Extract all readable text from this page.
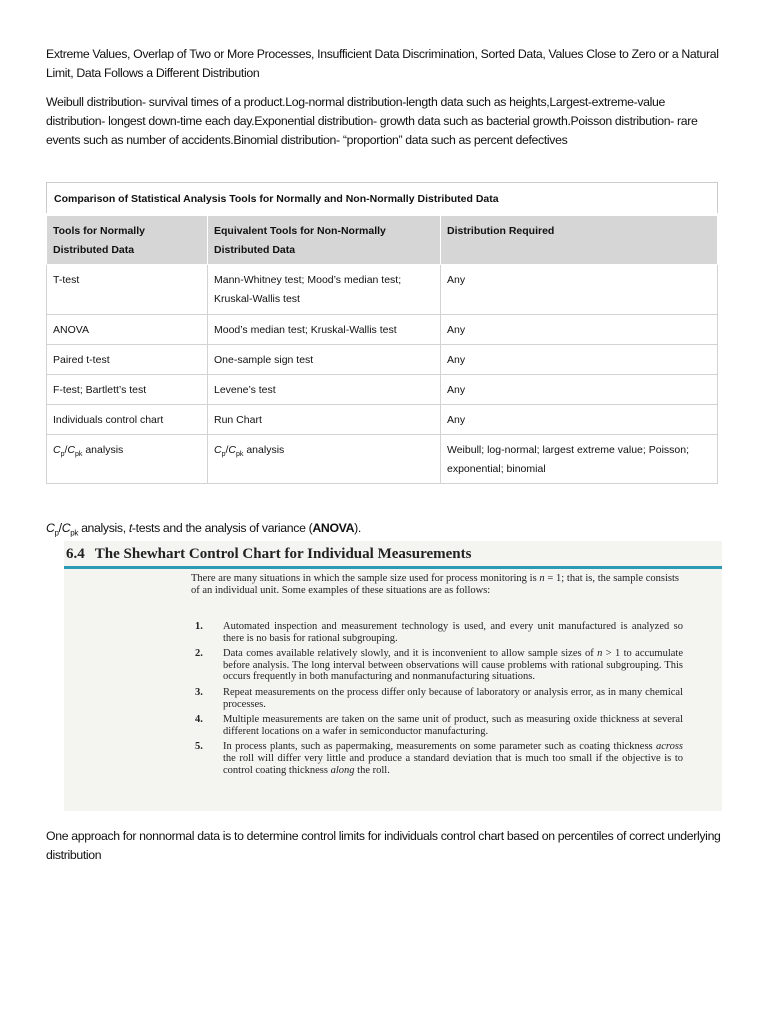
Extreme Values, Overlap of Two or More Processes, Insufficient Data Discrimination, Sorted Data, Values Close to Zero or a Natural Limit, Data Follows a Different Distribution
Weibull distribution- survival times of a product.Log-normal distribution-length data such as heights,Largest-extreme-value distribution- longest down-time each day.Exponential distribution- growth data such as bacterial growth.Poisson distribution- rare events such as number of accidents.Binomial distribution- “proportion” data such as percent defectives
Comparison of Statistical Analysis Tools for Normally and Non-Normally Distributed Data		
Tools for Normally Distributed Data	Equivalent Tools for Non-Normally Distributed Data	Distribution Required
T-test	Mann-Whitney test; Mood’s median test; Kruskal-Wallis test	Any
ANOVA	Mood’s median test; Kruskal-Wallis test	Any
Paired t-test	One-sample sign test	Any
F-test; Bartlett’s test	Levene’s test	Any
Individuals control chart	Run Chart	Any
$C_p/C_{pk}$ analysis	$C_p/C_{pk}$ analysis	Weibull; log-normal; largest extreme value; Poisson; exponential; binomial
$C_p/C_{pk}$ analysis, t-tests and the analysis of variance (ANOVA).
6.4 The Shewhart Control Chart for Individual Measurements
There are many situations in which the sample size used for process monitoring is n = 1; that is, the sample consists of an individual unit. Some examples of these situations are as follows:
1.	Automated inspection and measurement technology is used, and every unit manufactured is analyzed so there is no basis for rational subgrouping.
2.	Data comes available relatively slowly, and it is inconvenient to allow sample sizes of n > 1 to accumulate before analysis. The long interval between observations will cause problems with rational subgrouping. This occurs frequently in both manufacturing and nonmanufacturing situations.
3.	Repeat measurements on the process differ only because of laboratory or analysis error, as in many chemical processes.
4.	Multiple measurements are taken on the same unit of product, such as measuring oxide thickness at several different locations on a wafer in semiconductor manufacturing.
5.	In process plants, such as papermaking, measurements on some parameter such as coating thickness across the roll will differ very little and produce a standard deviation that is much too small if the objective is to control coating thickness along the roll.
One approach for nonnormal data is to determine control limits for individuals control chart based on percentiles of correct underlying distribution
